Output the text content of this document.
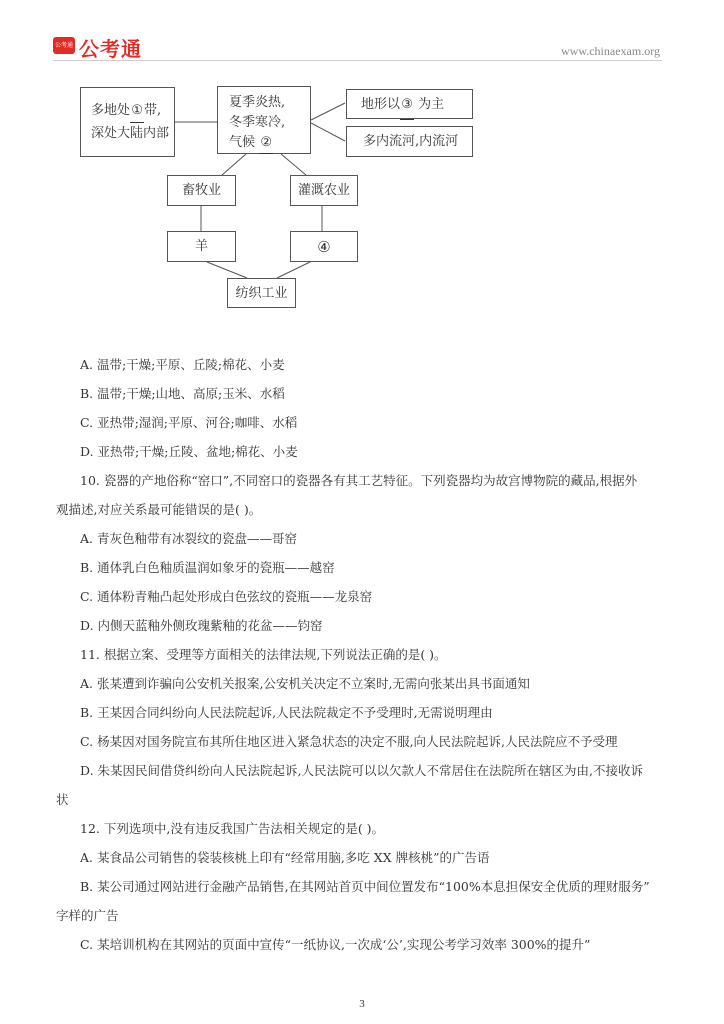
公考通 公考通	www.chinaexam.org
多地处①带,
深处大陆内部
夏季炎热,
冬季寒冷,
气候 ②
地形以③ 为主
多内流河,内流河
畜牧业	灌溉农业
羊	④
纺织工业
A. 温带;干燥;平原、丘陵;棉花、小麦
B. 温带;干燥;山地、高原;玉米、水稻
C. 亚热带;湿润;平原、河谷;咖啡、水稻
D. 亚热带;干燥;丘陵、盆地;棉花、小麦
10. 瓷器的产地俗称“窑口”,不同窑口的瓷器各有其工艺特征。下列瓷器均为故宫博物院的藏品,根据外
观描述,对应关系最可能错误的是( )。
A. 青灰色釉带有冰裂纹的瓷盘——哥窑
B. 通体乳白色釉质温润如象牙的瓷瓶——越窑
C. 通体粉青釉凸起处形成白色弦纹的瓷瓶——龙泉窑
D. 内侧天蓝釉外侧玫瑰紫釉的花盆——钧窑
11. 根据立案、受理等方面相关的法律法规,下列说法正确的是( )。
A. 张某遭到诈骗向公安机关报案,公安机关决定不立案时,无需向张某出具书面通知
B. 王某因合同纠纷向人民法院起诉,人民法院裁定不予受理时,无需说明理由
C. 杨某因对国务院宣布其所住地区进入紧急状态的决定不服,向人民法院起诉,人民法院应不予受理
D. 朱某因民间借贷纠纷向人民法院起诉,人民法院可以以欠款人不常居住在法院所在辖区为由,不接收诉
状
12. 下列选项中,没有违反我国广告法相关规定的是( )。
A. 某食品公司销售的袋装核桃上印有“经常用脑,多吃 XX 牌核桃”的广告语
B. 某公司通过网站进行金融产品销售,在其网站首页中间位置发布“100%本息担保安全优质的理财服务”
字样的广告
C. 某培训机构在其网站的页面中宣传“一纸协议,一次成‘公’,实现公考学习效率 300%的提升”
3
